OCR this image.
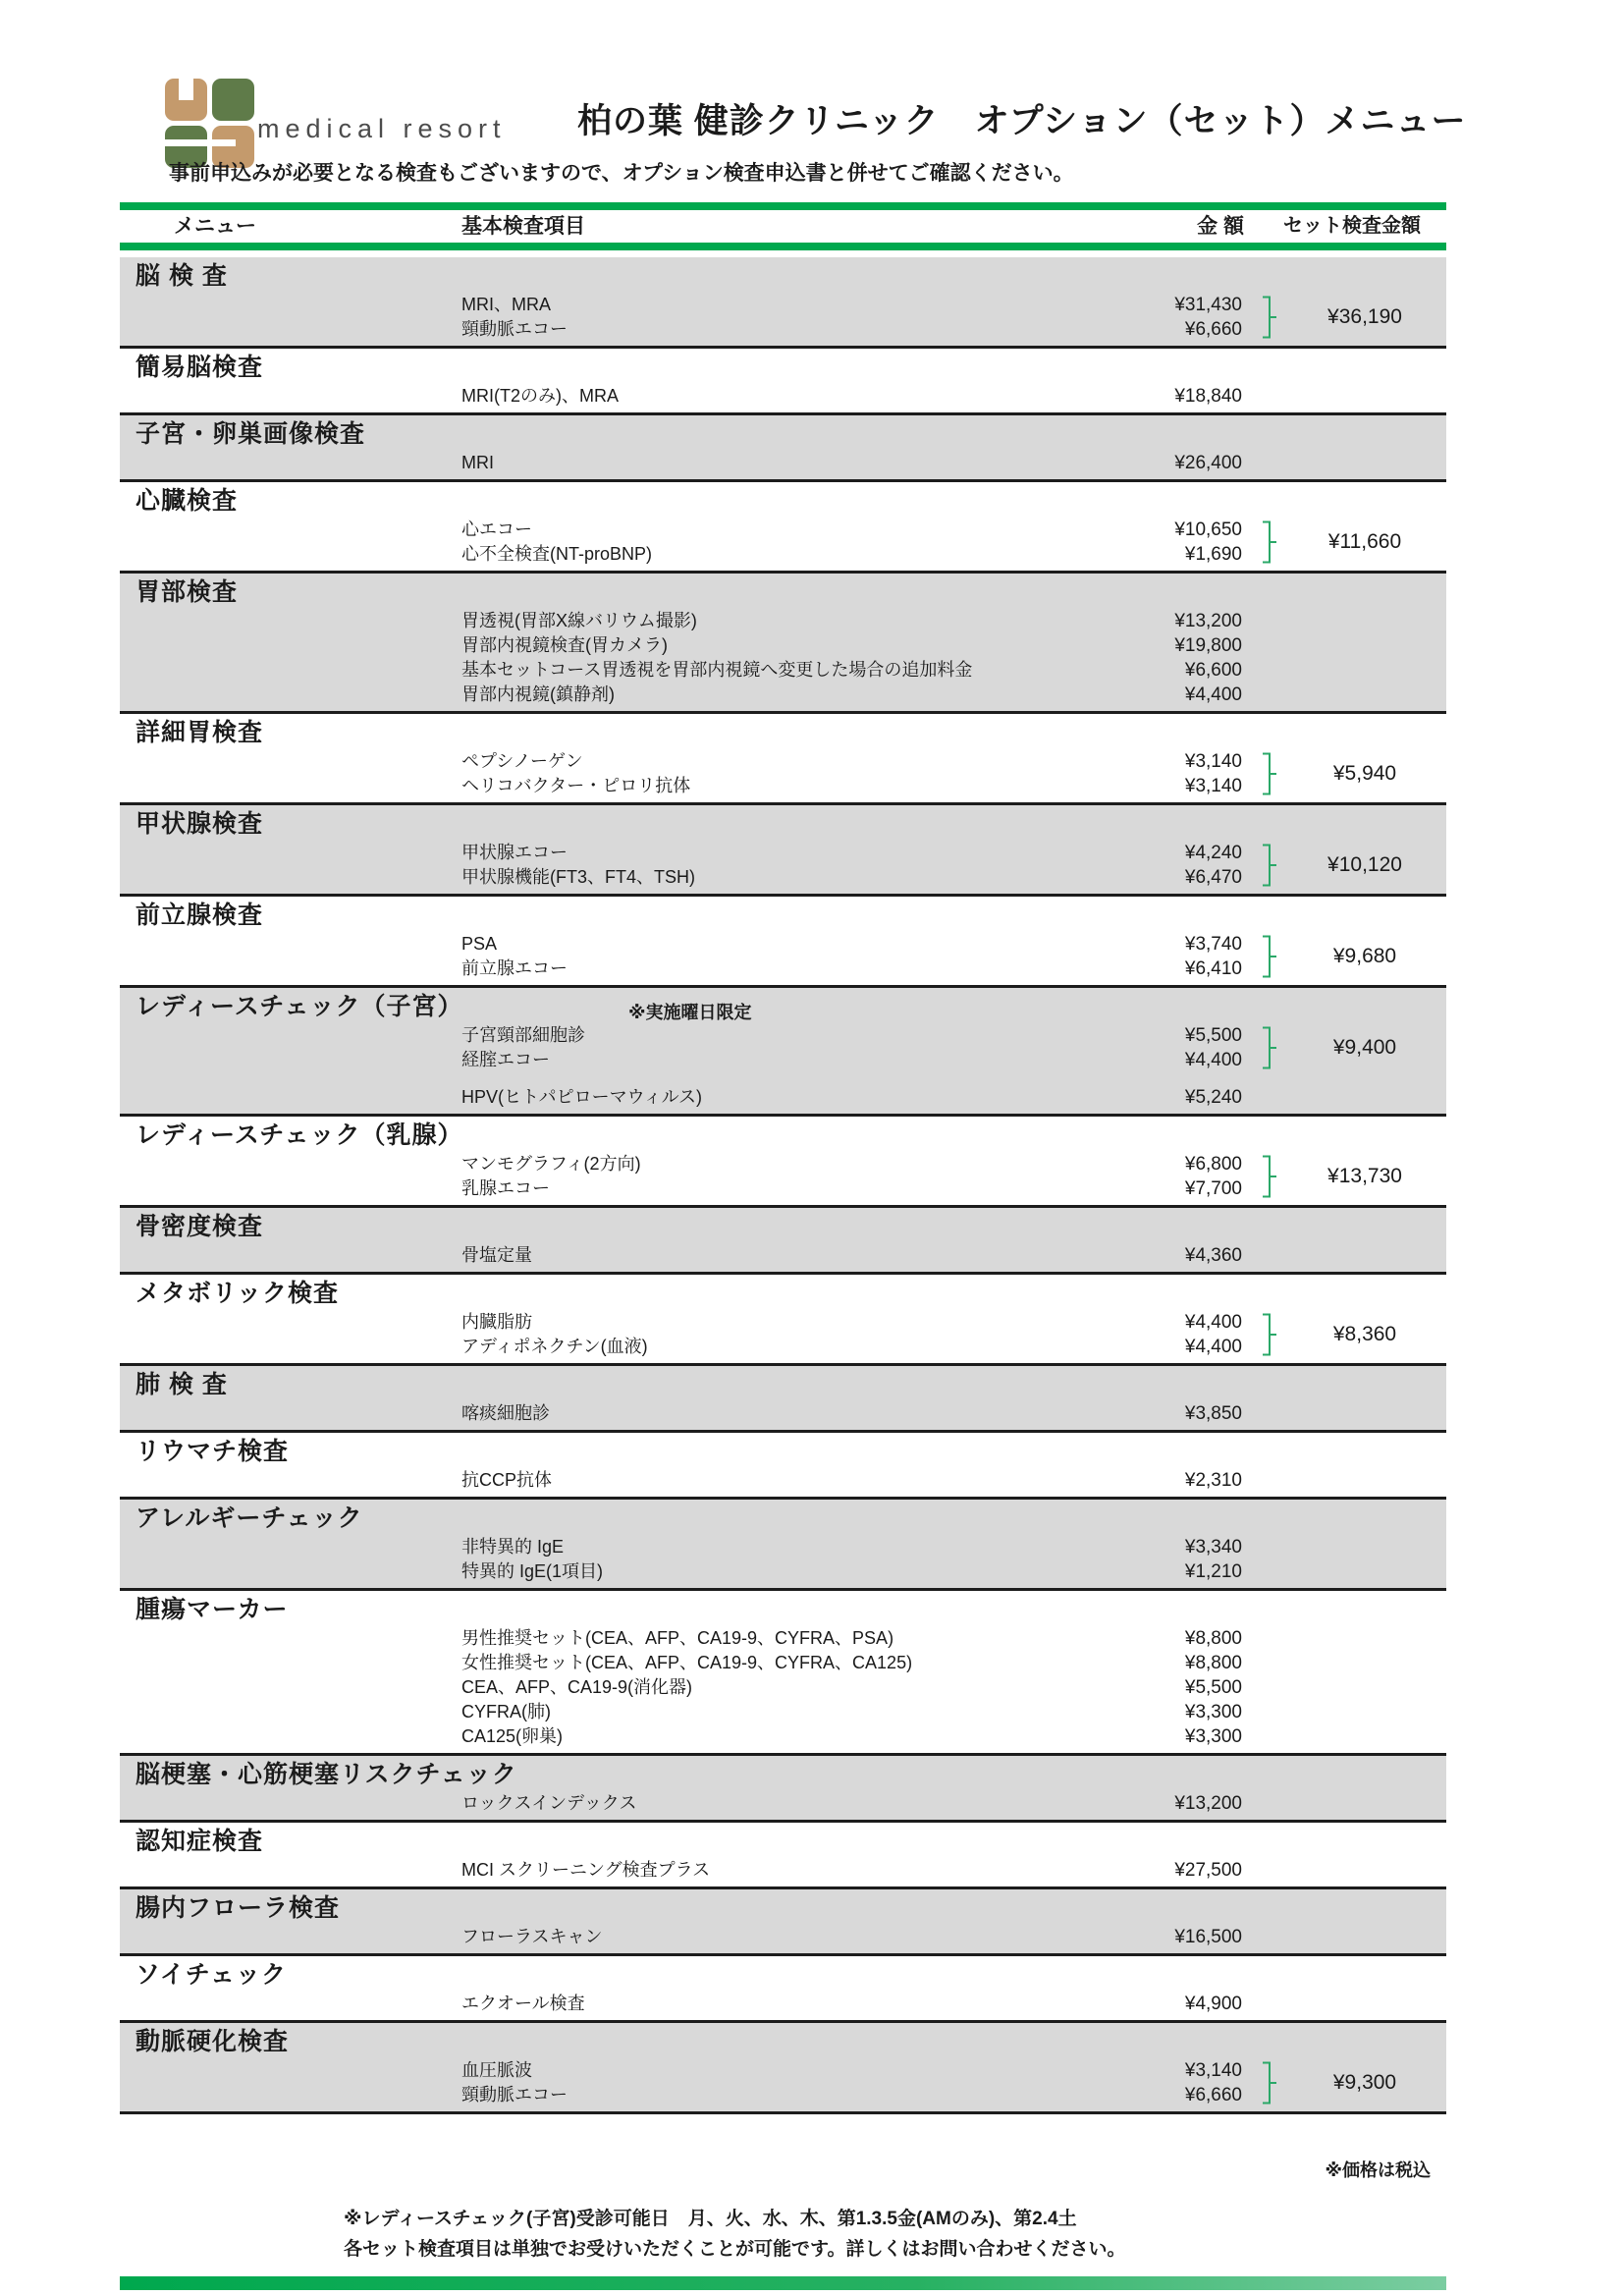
medical resort 柏の葉 健診クリニック　オプション（セット）メニュー
事前申込みが必要となる検査もございますので、オプション検査申込書と併せてご確認ください。
メニュー	基本検査項目	金 額 セット検査金額
脳 検 査
MRI、MRA	¥31,430
頸動脈エコー	¥6,660
¥36,190
簡易脳検査
MRI(T2のみ)、MRA	¥18,840
子宮・卵巣画像検査
MRI	¥26,400
心臓検査
心エコー	¥10,650
心不全検査(NT-proBNP)	¥1,690
¥11,660
胃部検査
胃透視(胃部X線バリウム撮影)	¥13,200
胃部内視鏡検査(胃カメラ)	¥19,800
基本セットコース胃透視を胃部内視鏡へ変更した場合の追加料金	¥6,600
胃部内視鏡(鎮静剤)	¥4,400
詳細胃検査
ペプシノーゲン	¥3,140
ヘリコバクター・ピロリ抗体	¥3,140
¥5,940
甲状腺検査
甲状腺エコー	¥4,240
甲状腺機能(FT3、FT4、TSH)	¥6,470
¥10,120
前立腺検査
PSA	¥3,740
前立腺エコー	¥6,410
¥9,680
レディースチェック（子宮）	※実施曜日限定
子宮頸部細胞診	¥5,500
経腟エコー	¥4,400
HPV(ヒトパピローマウィルス)	¥5,240
¥9,400
レディースチェック（乳腺）
マンモグラフィ(2方向)	¥6,800
乳腺エコー	¥7,700
¥13,730
骨密度検査
骨塩定量	¥4,360
メタボリック検査
内臓脂肪	¥4,400
アディポネクチン(血液)	¥4,400
¥8,360
肺 検 査
喀痰細胞診	¥3,850
リウマチ検査
抗CCP抗体	¥2,310
アレルギーチェック
非特異的 IgE	¥3,340
特異的 IgE(1項目)	¥1,210
腫瘍マーカー
男性推奨セット(CEA、AFP、CA19-9、CYFRA、PSA)	¥8,800
女性推奨セット(CEA、AFP、CA19-9、CYFRA、CA125)	¥8,800
CEA、AFP、CA19-9(消化器)	¥5,500
CYFRA(肺)	¥3,300
CA125(卵巣)	¥3,300
脳梗塞・心筋梗塞リスクチェック
ロックスインデックス	¥13,200
認知症検査
MCI スクリーニング検査プラス	¥27,500
腸内フローラ検査
フローラスキャン	¥16,500
ソイチェック
エクオール検査	¥4,900
動脈硬化検査
血圧脈波	¥3,140
頸動脈エコー	¥6,660
¥9,300
※価格は税込
※レディースチェック(子宮)受診可能日　月、火、水、木、第1.3.5金(AMのみ)、第2.4土
各セット検査項目は単独でお受けいただくことが可能です。詳しくはお問い合わせください。
